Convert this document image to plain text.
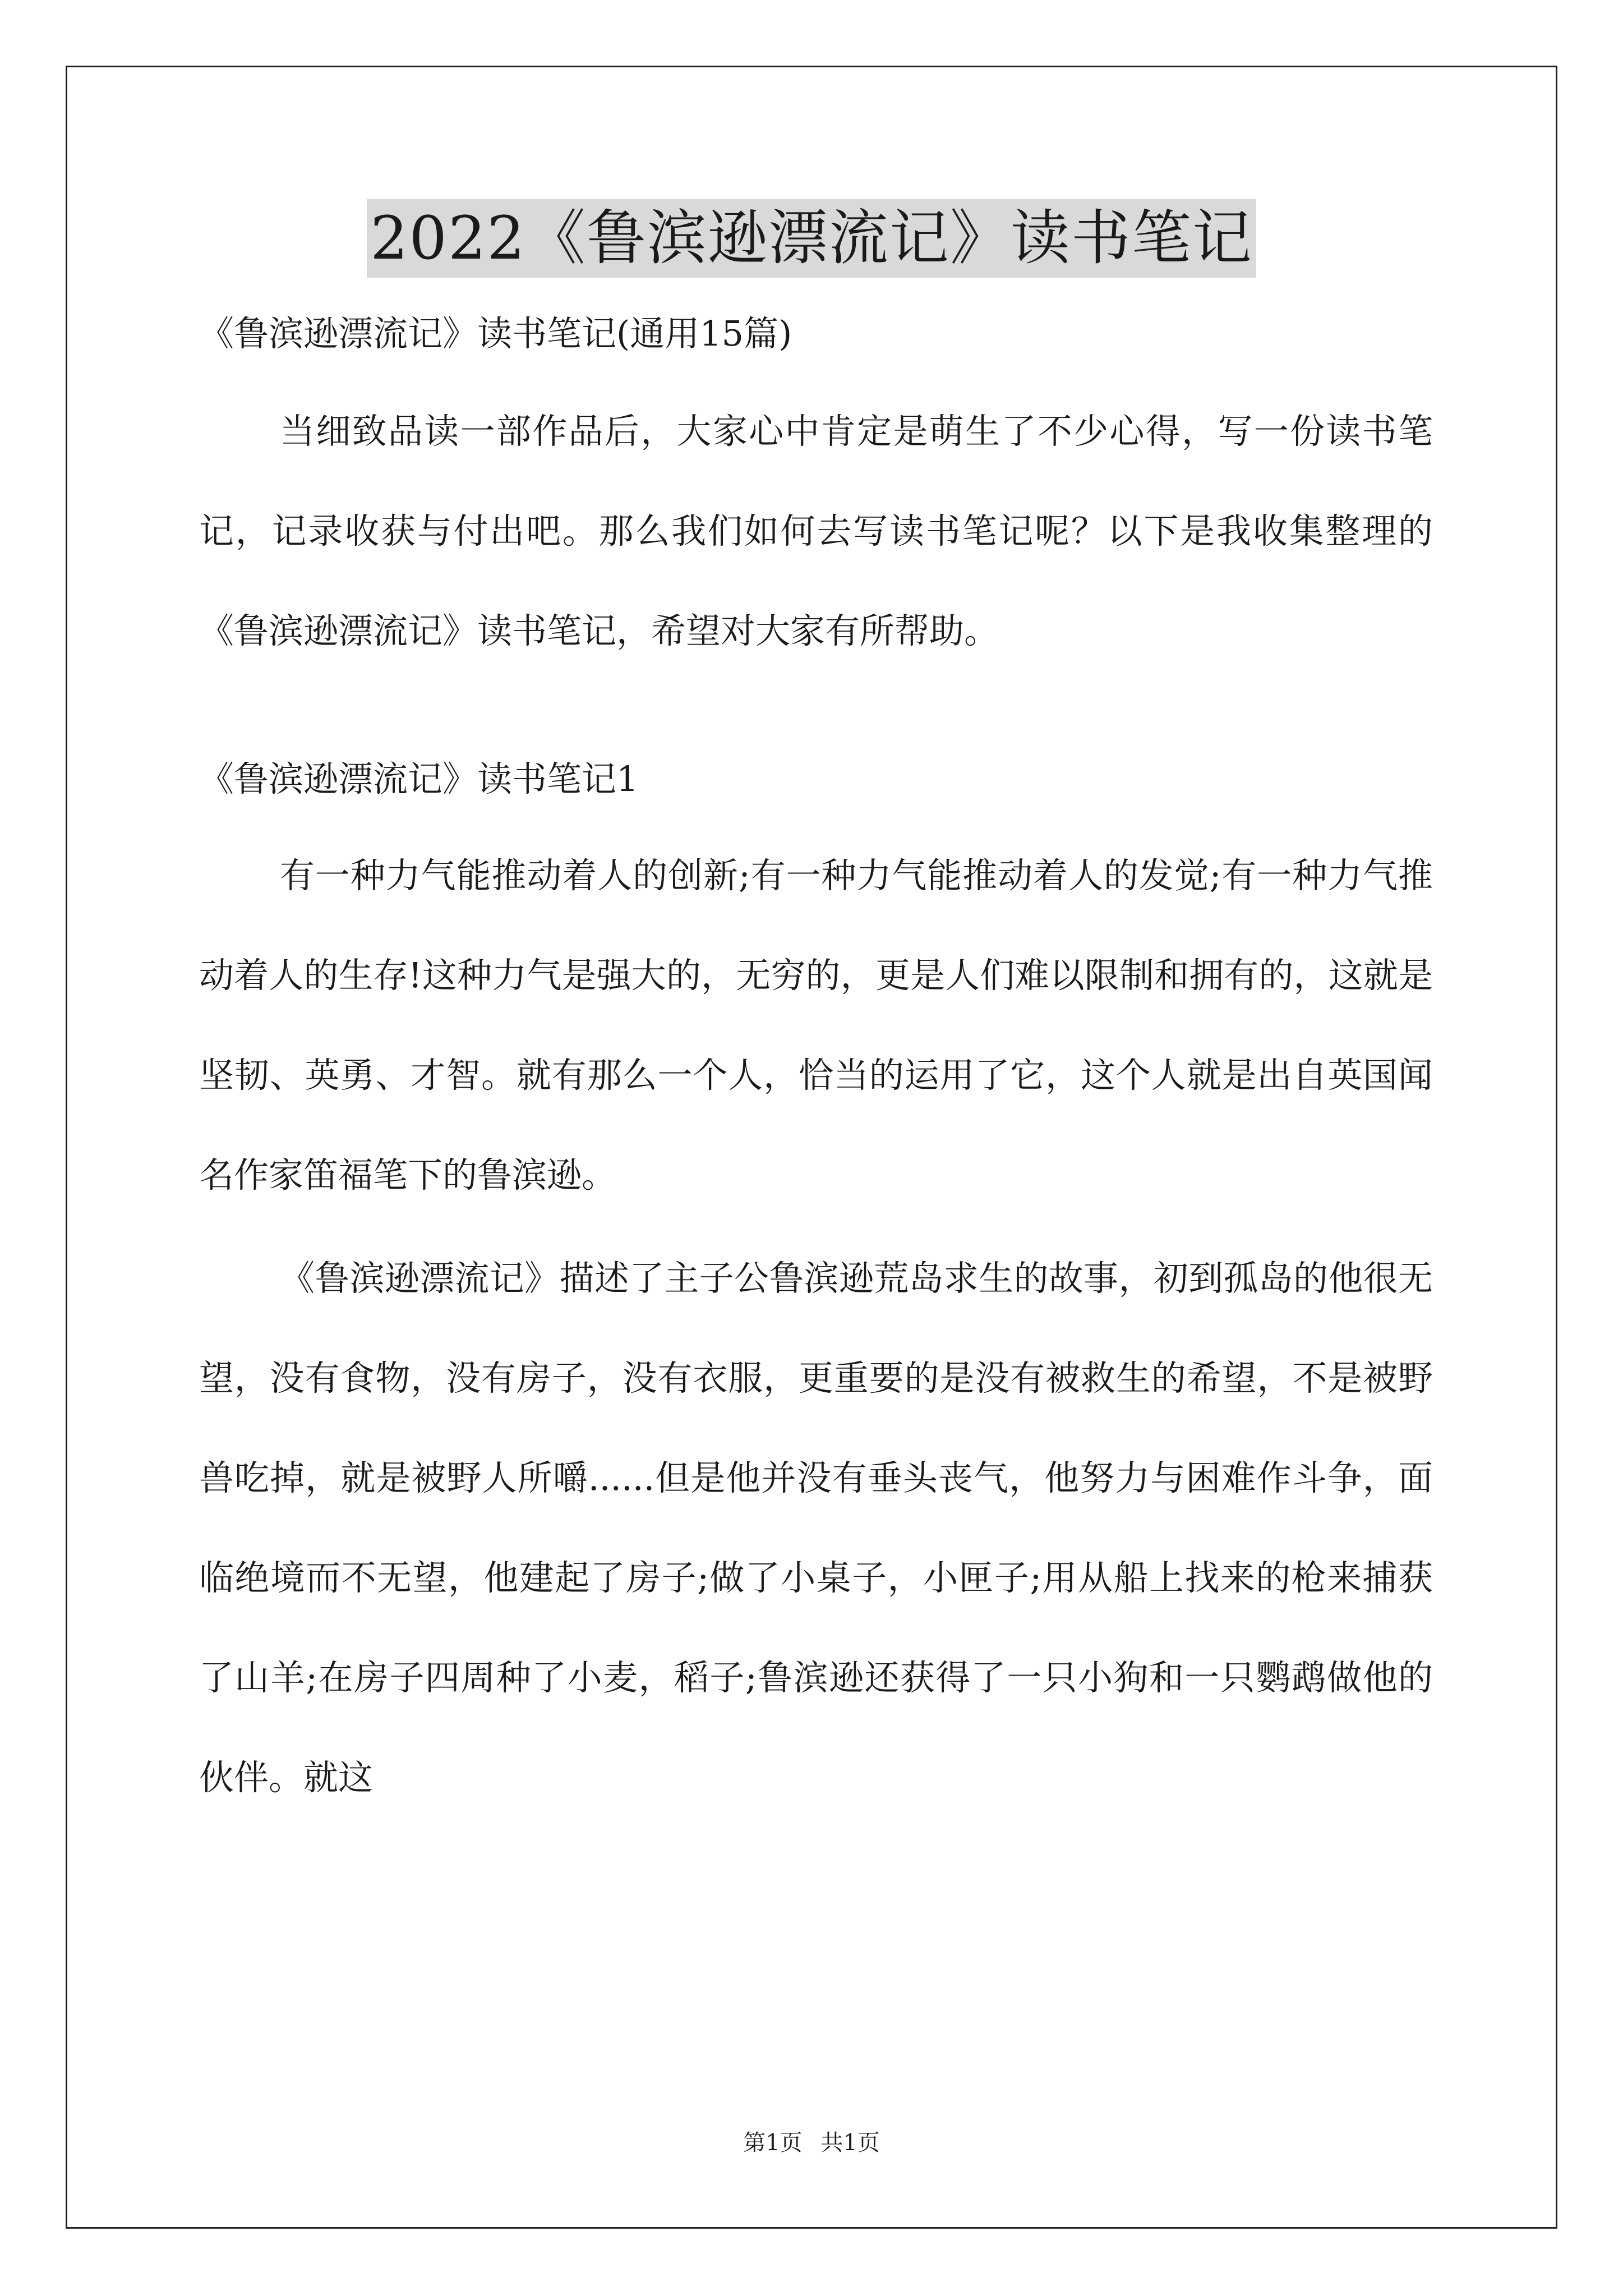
2022《鲁滨逊漂流记》读书笔记

《鲁滨逊漂流记》读书笔记(通用15篇)

当细致品读一部作品后，大家心中肯定是萌生了不少心得，写一份读书笔记，记录收获与付出吧。那么我们如何去写读书笔记呢？以下是我收集整理的《鲁滨逊漂流记》读书笔记，希望对大家有所帮助。

《鲁滨逊漂流记》读书笔记1

有一种力气能推动着人的创新;有一种力气能推动着人的发觉;有一种力气推动着人的生存!这种力气是强大的，无穷的，更是人们难以限制和拥有的，这就是坚韧、英勇、才智。就有那么一个人，恰当的运用了它，这个人就是出自英国闻名作家笛福笔下的鲁滨逊。

《鲁滨逊漂流记》描述了主子公鲁滨逊荒岛求生的故事，初到孤岛的他很无望，没有食物，没有房子，没有衣服，更重要的是没有被救生的希望，不是被野兽吃掉，就是被野人所嚼......但是他并没有垂头丧气，他努力与困难作斗争，面临绝境而不无望，他建起了房子;做了小桌子，小匣子;用从船上找来的枪来捕获了山羊;在房子四周种了小麦，稻子;鲁滨逊还获得了一只小狗和一只鹦鹉做他的伙伴。就这

第1页 共1页
